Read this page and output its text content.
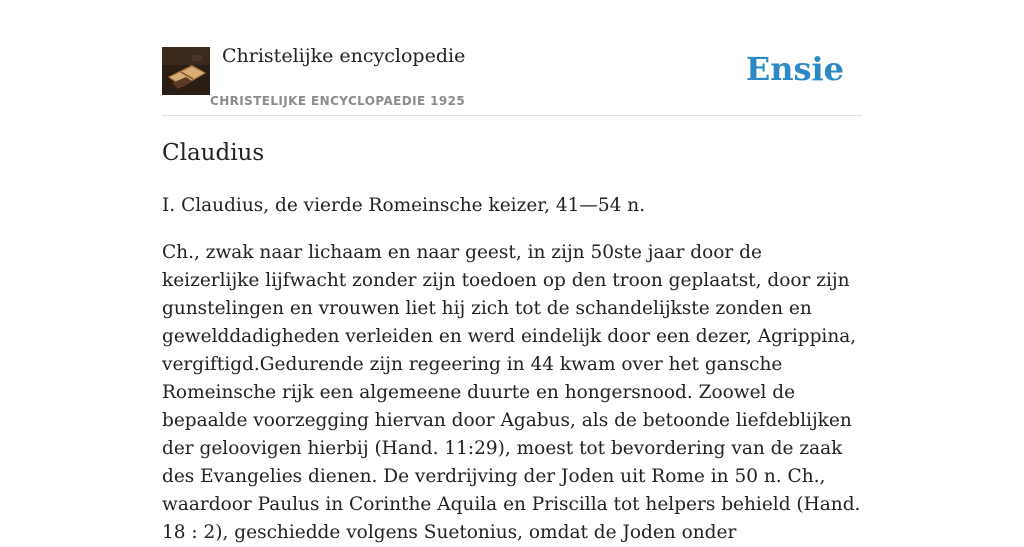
Christelijke encyclopedie
CHRISTELIJKE ENCYCLOPAEDIE 1925
Ensie
Claudius

I. Claudius, de vierde Romeinsche keizer, 41—54 n.

Ch., zwak naar lichaam en naar geest, in zijn 50ste jaar door de keizerlijke lijfwacht zonder zijn toedoen op den troon geplaatst, door zijn gunstelingen en vrouwen liet hij zich tot de schandelijkste zonden en gewelddadigheden verleiden en werd eindelijk door een dezer, Agrippina, vergiftigd.Gedurende zijn regeering in 44 kwam over het gansche Romeinsche rijk een algemeene duurte en hongersnood. Zoowel de bepaalde voorzegging hiervan door Agabus, als de betoonde liefdeblijken der geloovigen hierbij (Hand. 11:29), moest tot bevordering van de zaak des Evangelies dienen. De verdrijving der Joden uit Rome in 50 n. Ch., waardoor Paulus in Corinthe Aquila en Priscilla tot helpers behield (Hand. 18 : 2), geschiedde volgens Suetonius, omdat de Joden onder
